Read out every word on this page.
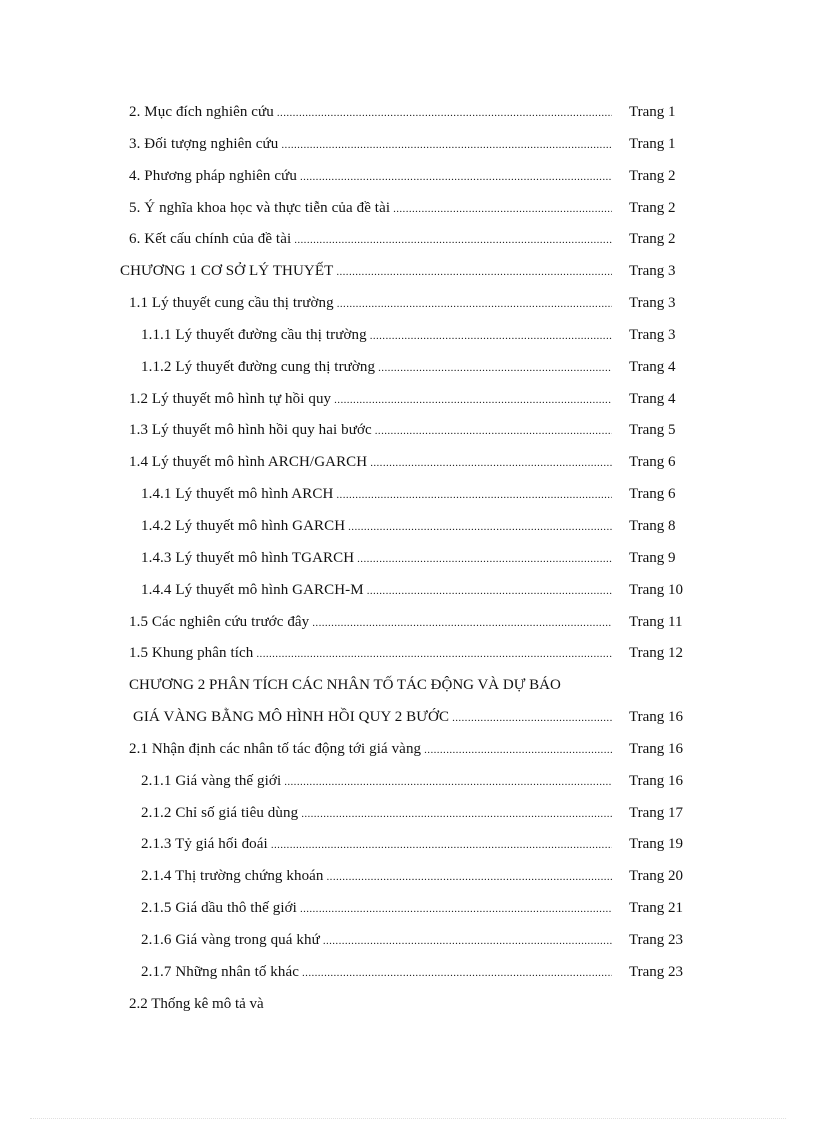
2. Mục đích nghiên cứu .....	Trang 1
3. Đối tượng nghiên cứu .....	Trang 1
4. Phương pháp nghiên cứu .....	Trang 2
5. Ý nghĩa khoa học và thực tiễn của đề tài .....	Trang 2
6. Kết cấu chính của đề tài .....	Trang 2
CHƯƠNG 1 CƠ SỞ LÝ THUYẾT .....	Trang 3
1.1 Lý thuyết cung cầu thị trường .....	Trang 3
1.1.1 Lý thuyết đường cầu thị trường .....	Trang 3
1.1.2 Lý thuyết đường cung thị trường .....	Trang 4
1.2 Lý thuyết mô hình tự hồi quy .....	Trang 4
1.3 Lý thuyết mô hình hồi quy hai bước .....	Trang 5
1.4 Lý thuyết mô hình ARCH/GARCH .....	Trang 6
1.4.1 Lý thuyết mô hình ARCH .....	Trang 6
1.4.2 Lý thuyết mô hình GARCH .....	Trang 8
1.4.3 Lý thuyết mô hình TGARCH .....	Trang 9
1.4.4 Lý thuyết mô hình GARCH-M .....	Trang 10
1.5 Các nghiên cứu trước đây .....	Trang 11
1.5 Khung phân tích .....	Trang 12
CHƯƠNG 2 PHÂN TÍCH CÁC NHÂN TỐ TÁC ĐỘNG VÀ DỰ BÁO
GIÁ VÀNG BẰNG MÔ HÌNH HỒI QUY 2 BƯỚC .....	Trang 16
2.1 Nhận định các nhân tố tác động tới giá vàng .....	Trang 16
2.1.1 Giá vàng thế giới .....	Trang 16
2.1.2 Chỉ số giá tiêu dùng .....	Trang 17
2.1.3 Tỷ giá hối đoái .....	Trang 19
2.1.4 Thị trường chứng khoán .....	Trang 20
2.1.5 Giá dầu thô thế giới .....	Trang 21
2.1.6 Giá vàng trong quá khứ .....	Trang 23
2.1.7 Những nhân tố khác .....	Trang 23
2.2 Thống kê mô tả và
